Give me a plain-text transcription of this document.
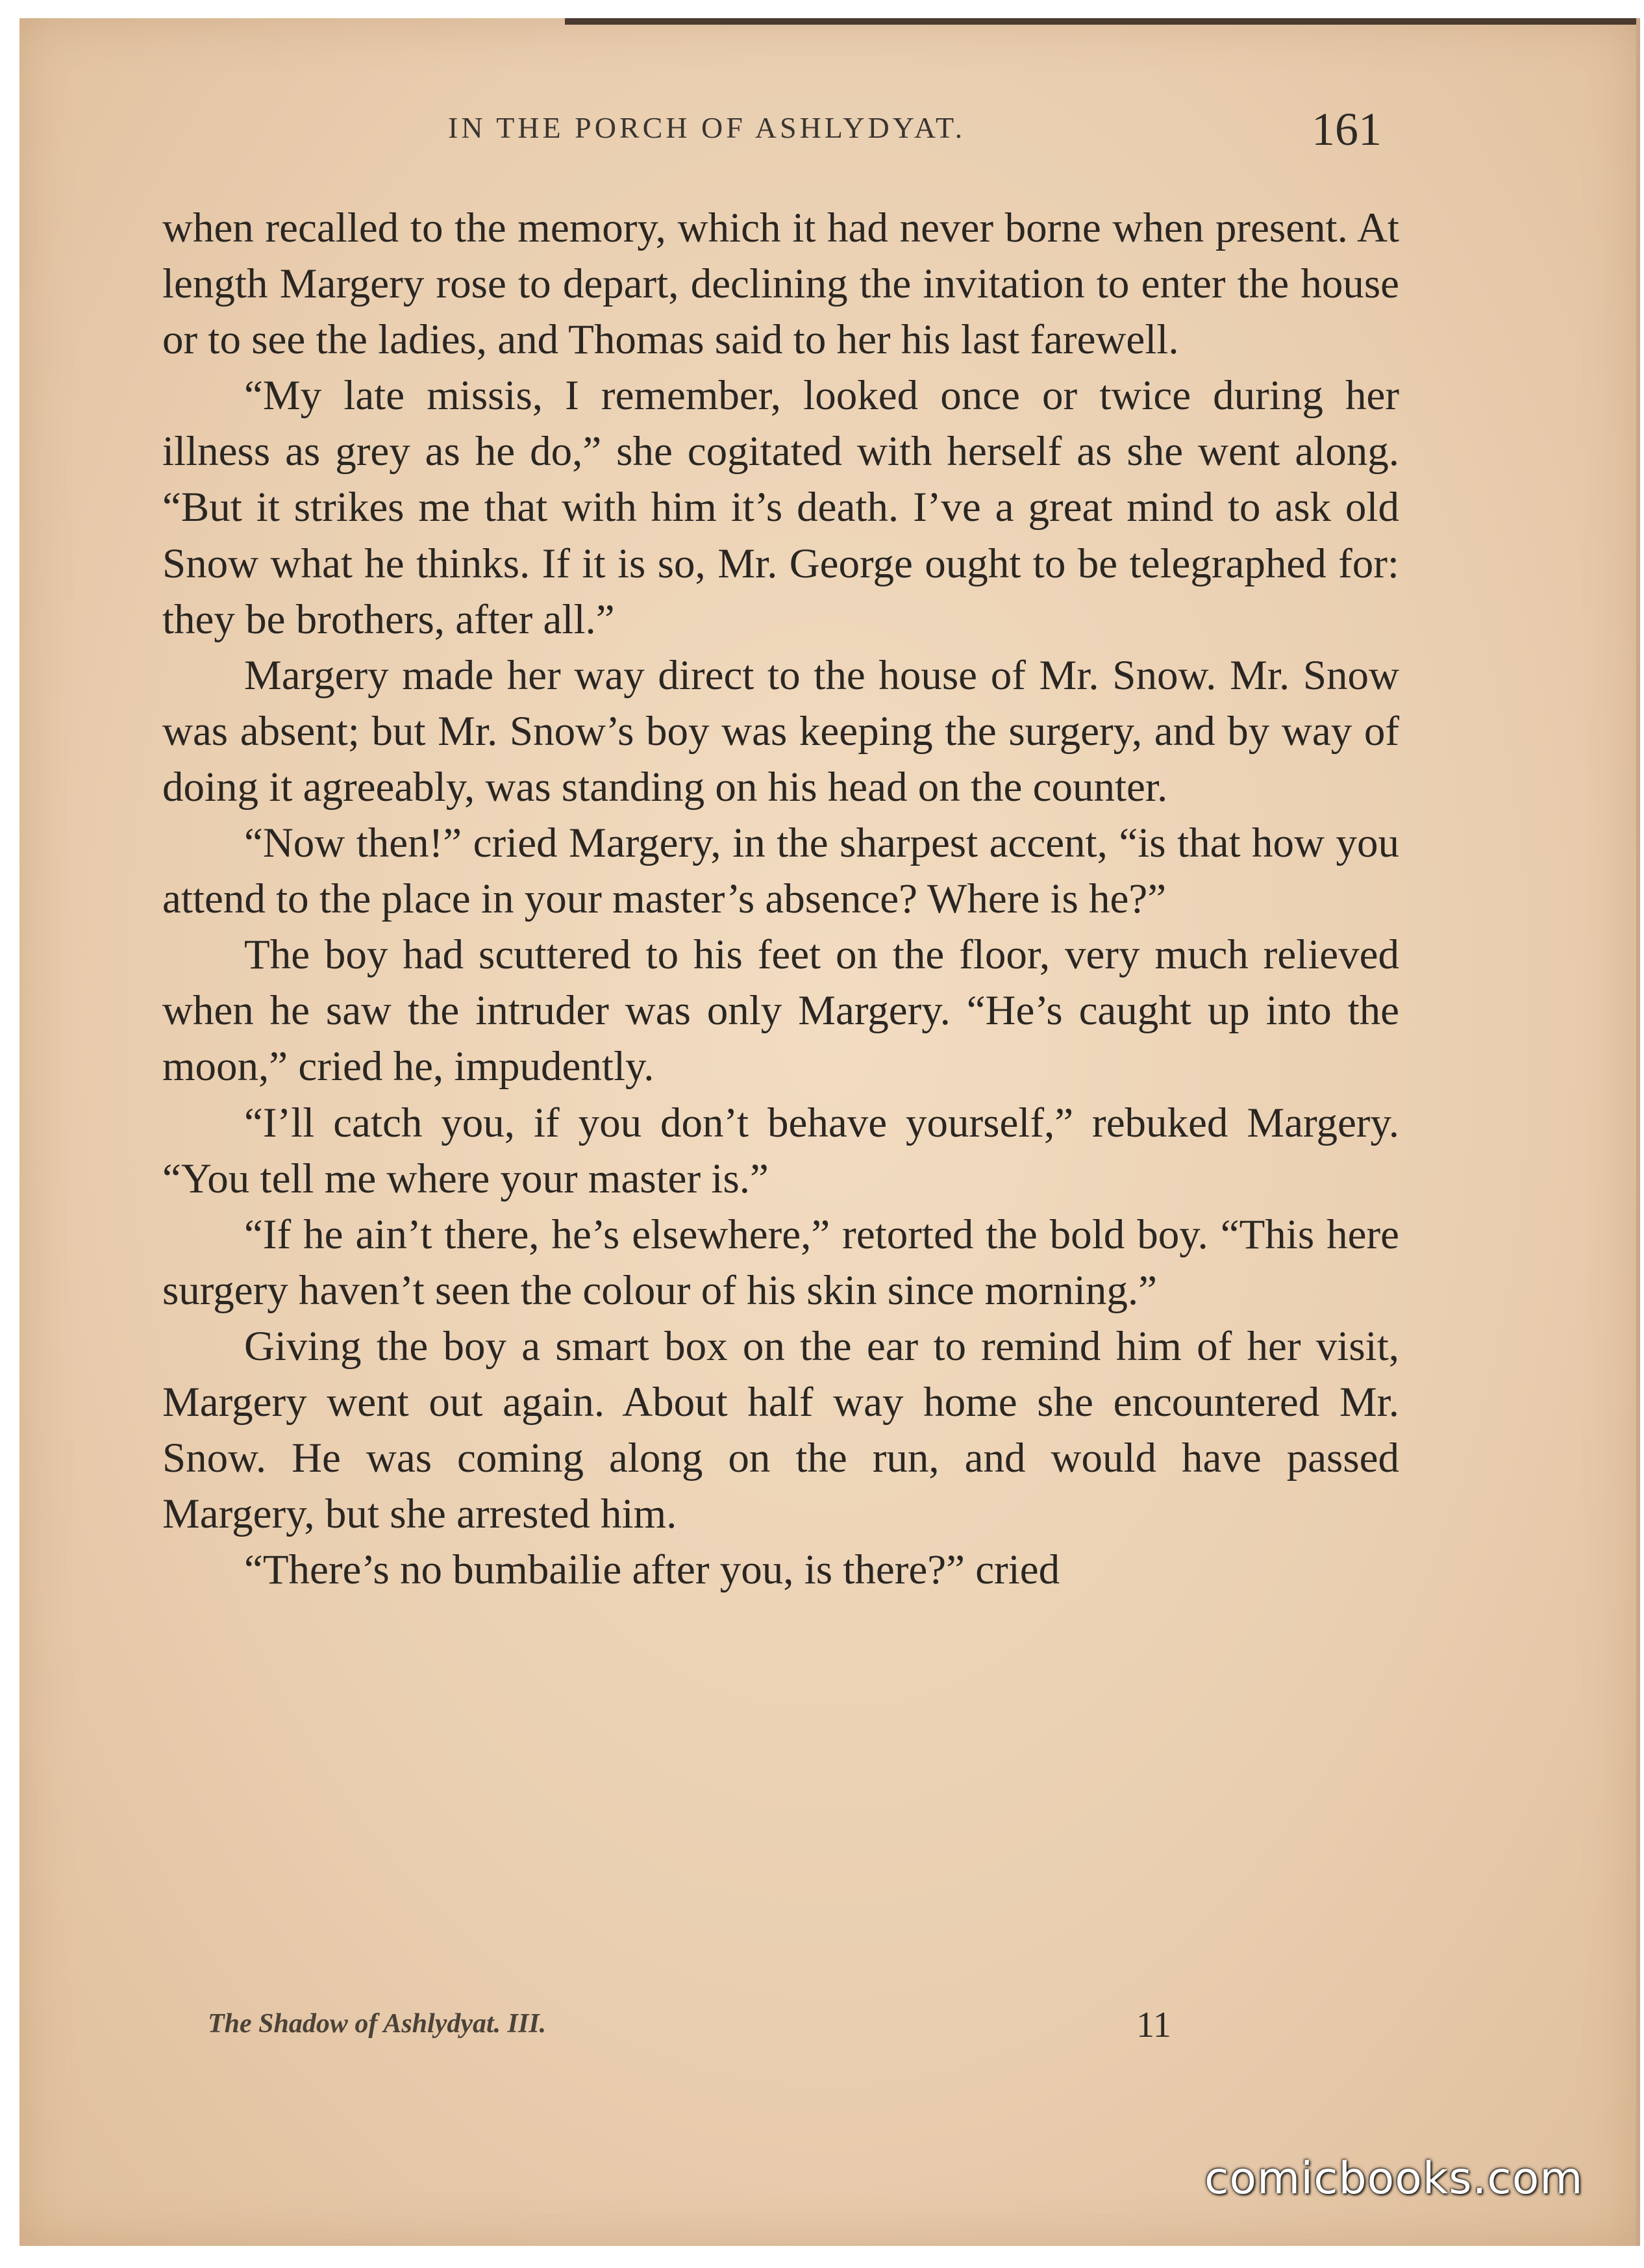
IN THE PORCH OF ASHLYDYAT.	161

when recalled to the memory, which it had never borne when present. At length Margery rose to depart, declining the invitation to enter the house or to see the ladies, and Thomas said to her his last farewell.

“My late missis, I remember, looked once or twice during her illness as grey as he do,” she cogitated with herself as she went along. “But it strikes me that with him it’s death. I’ve a great mind to ask old Snow what he thinks. If it is so, Mr. George ought to be telegraphed for: they be brothers, after all.”

Margery made her way direct to the house of Mr. Snow. Mr. Snow was absent; but Mr. Snow’s boy was keeping the surgery, and by way of doing it agreeably, was standing on his head on the counter.

“Now then!” cried Margery, in the sharpest accent, “is that how you attend to the place in your master’s absence? Where is he?”

The boy had scuttered to his feet on the floor, very much relieved when he saw the intruder was only Margery. “He’s caught up into the moon,” cried he, impudently.

“I’ll catch you, if you don’t behave yourself,” rebuked Margery. “You tell me where your master is.”

“If he ain’t there, he’s elsewhere,” retorted the bold boy. “This here surgery haven’t seen the colour of his skin since morning.”

Giving the boy a smart box on the ear to remind him of her visit, Margery went out again. About half way home she encountered Mr. Snow. He was coming along on the run, and would have passed Margery, but she arrested him.

“There’s no bumbailie after you, is there?” cried

The Shadow of Ashlydyat. III.	11
comicbooks.com
